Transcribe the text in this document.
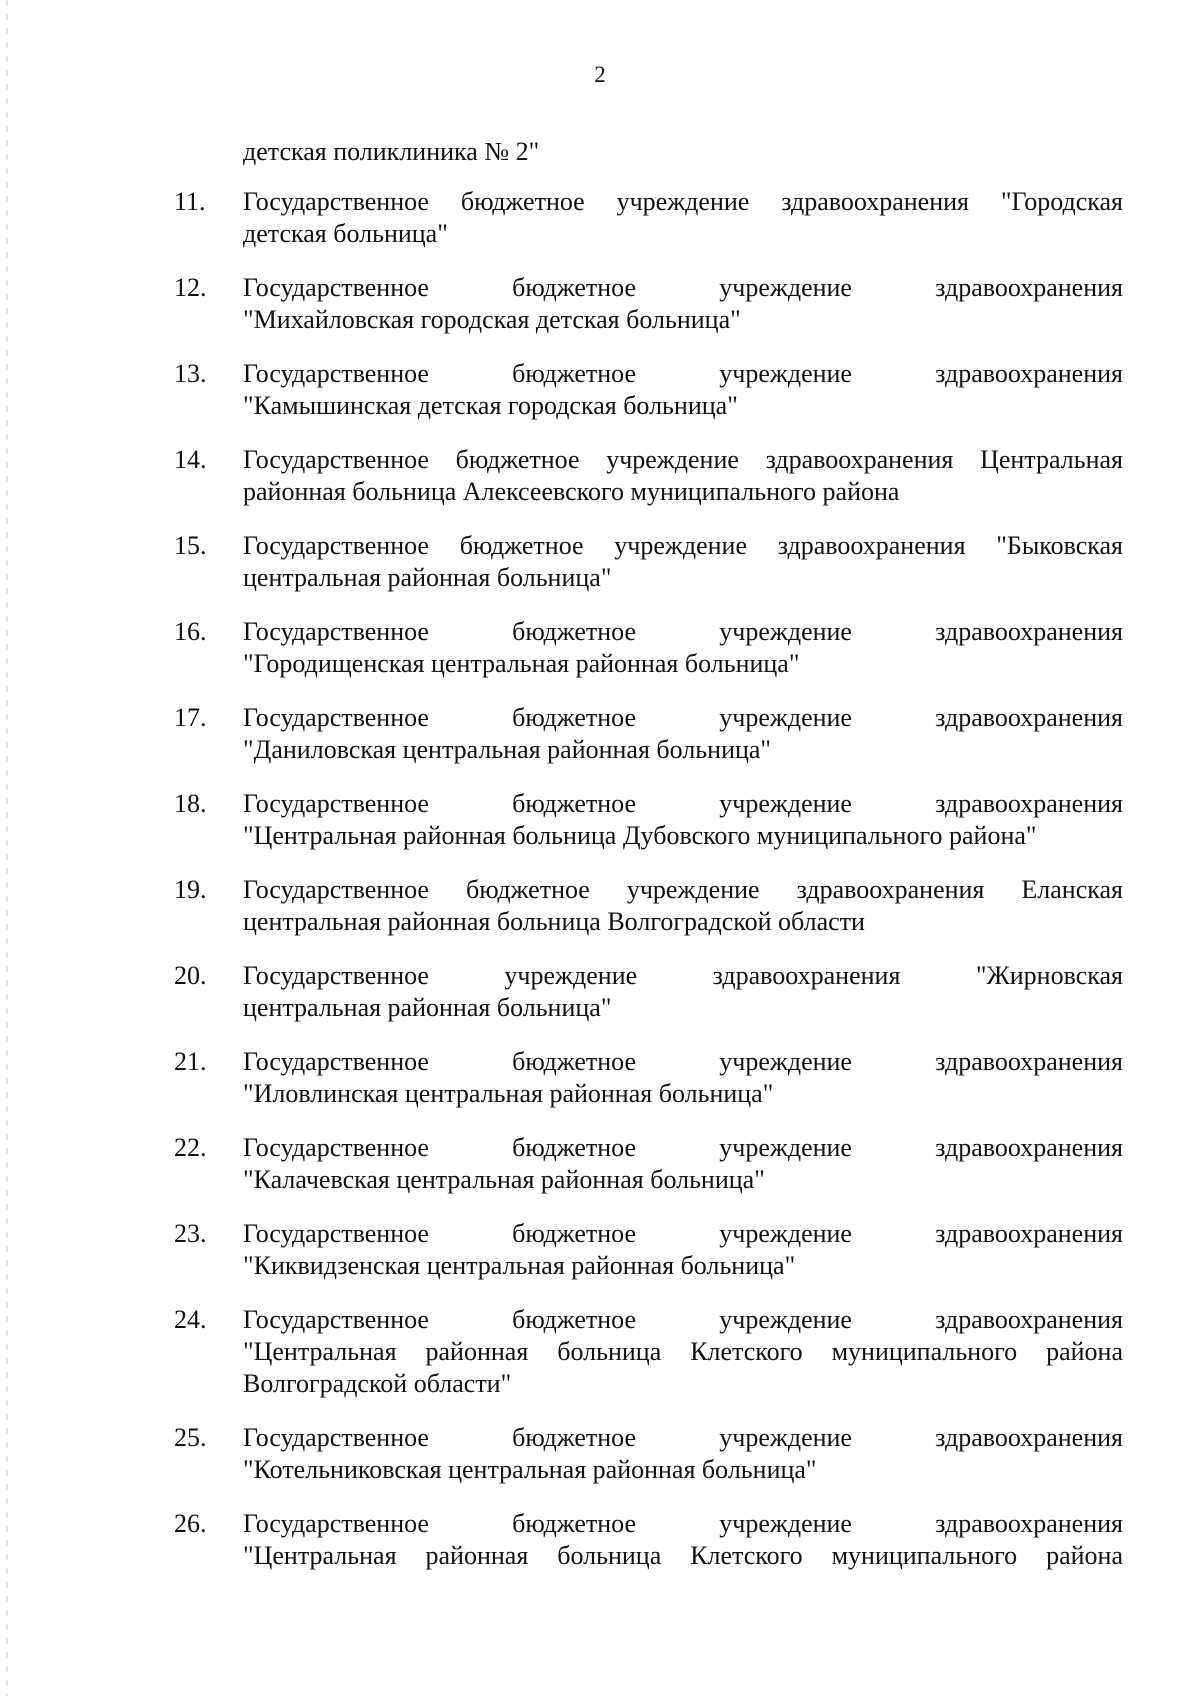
2
детская поликлиника № 2"
11.	Государственное бюджетное учреждение здравоохранения "Городская
детская больница"
12.	Государственное бюджетное учреждение здравоохранения
"Михайловская городская детская больница"
13.	Государственное бюджетное учреждение здравоохранения
"Камышинская детская городская больница"
14.	Государственное бюджетное учреждение здравоохранения Центральная
районная больница Алексеевского муниципального района
15.	Государственное бюджетное учреждение здравоохранения "Быковская
центральная районная больница"
16.	Государственное бюджетное учреждение здравоохранения
"Городищенская центральная районная больница"
17.	Государственное бюджетное учреждение здравоохранения
"Даниловская центральная районная больница"
18.	Государственное бюджетное учреждение здравоохранения
"Центральная районная больница Дубовского муниципального района"
19.	Государственное бюджетное учреждение здравоохранения Еланская
центральная районная больница Волгоградской области
20.	Государственное учреждение здравоохранения "Жирновская
центральная районная больница"
21.	Государственное бюджетное учреждение здравоохранения
"Иловлинская центральная районная больница"
22.	Государственное бюджетное учреждение здравоохранения
"Калачевская центральная районная больница"
23.	Государственное бюджетное учреждение здравоохранения
"Киквидзенская центральная районная больница"
24.	Государственное бюджетное учреждение здравоохранения
"Центральная районная больница Клетского муниципального района
Волгоградской области"
25.	Государственное бюджетное учреждение здравоохранения
"Котельниковская центральная районная больница"
26.	Государственное бюджетное учреждение здравоохранения
"Центральная районная больница Клетского муниципального района
